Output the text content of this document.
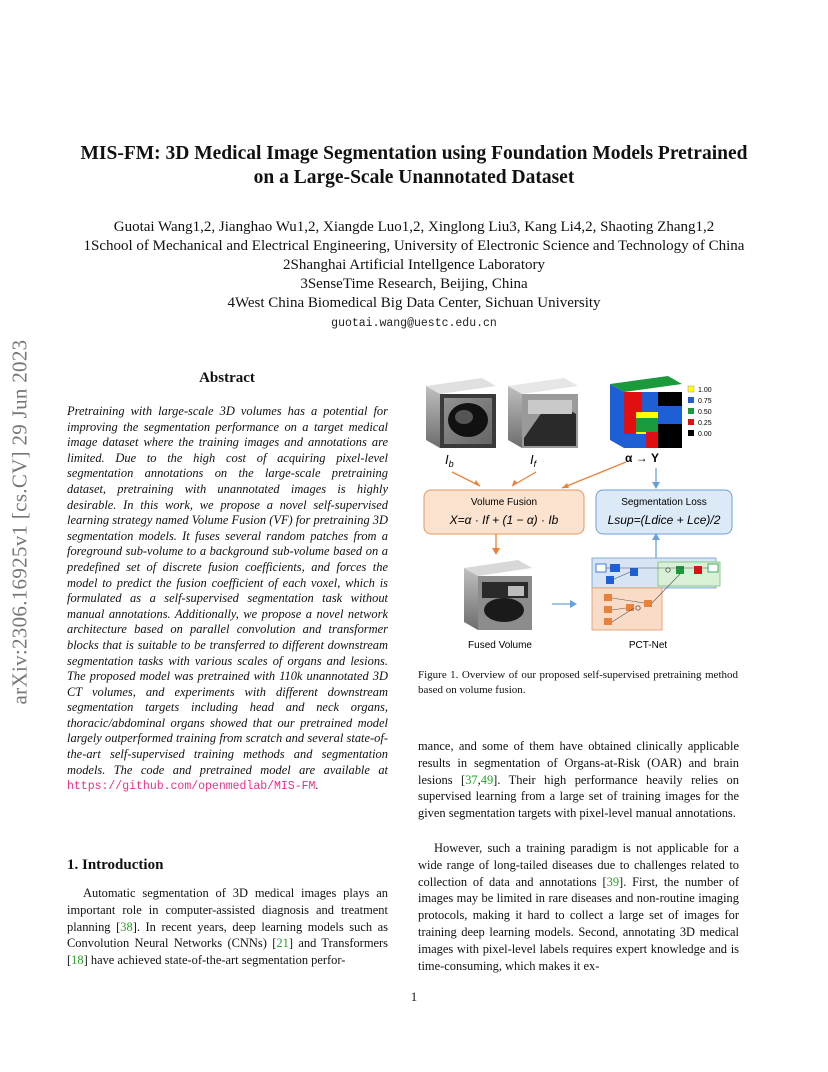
arXiv:2306.16925v1 [cs.CV] 29 Jun 2023
MIS-FM: 3D Medical Image Segmentation using Foundation Models Pretrained
on a Large-Scale Unannotated Dataset
Guotai Wang1,2, Jianghao Wu1,2, Xiangde Luo1,2, Xinglong Liu3, Kang Li4,2, Shaoting Zhang1,2
1School of Mechanical and Electrical Engineering, University of Electronic Science and Technology of China
2Shanghai Artificial Intellgence Laboratory
3SenseTime Research, Beijing, China
4West China Biomedical Big Data Center, Sichuan University
guotai.wang@uestc.edu.cn
Abstract
Pretraining with large-scale 3D volumes has a potential for improving the segmentation performance on a target medical image dataset where the training images and annotations are limited. Due to the high cost of acquiring pixel-level segmentation annotations on the large-scale pretraining dataset, pretraining with unannotated images is highly desirable. In this work, we propose a novel self-supervised learning strategy named Volume Fusion (VF) for pretraining 3D segmentation models. It fuses several random patches from a foreground sub-volume to a background sub-volume based on a predefined set of discrete fusion coefficients, and forces the model to predict the fusion coefficient of each voxel, which is formulated as a self-supervised segmentation task without manual annotations. Additionally, we propose a novel network architecture based on parallel convolution and transformer blocks that is suitable to be transferred to different downstream segmentation tasks with various scales of organs and lesions. The proposed model was pretrained with 110k unannotated 3D CT volumes, and experiments with different downstream segmentation targets including head and neck organs, thoracic/abdominal organs showed that our pretrained model largely outperformed training from scratch and several state-of-the-art self-supervised training methods and segmentation models. The code and pretrained model are available at https://github.com/openmedlab/MIS-FM.
1. Introduction
Automatic segmentation of 3D medical images plays an important role in computer-assisted diagnosis and treatment planning [38]. In recent years, deep learning models such as Convolution Neural Networks (CNNs) [21] and Transformers [18] have achieved state-of-the-art segmentation perfor-
$I_b$	$I_f$	α → Y
1.00
0.75
0.50
0.25
0.00
Volume Fusion
X=α · If + (1 − α) · Ib
Segmentation Loss
Lsup=(Ldice + Lce)/2
Fused Volume	PCT-Net
Figure 1. Overview of our proposed self-supervised pretraining method based on volume fusion.
mance, and some of them have obtained clinically applicable results in segmentation of Organs-at-Risk (OAR) and brain lesions [37,49]. Their high performance heavily relies on supervised learning from a large set of training images for the given segmentation targets with pixel-level manual annotations.
However, such a training paradigm is not applicable for a wide range of long-tailed diseases due to challenges related to collection of data and annotations [39]. First, the number of images may be limited in rare diseases and non-routine imaging protocols, making it hard to collect a large set of images for training deep learning models. Second, annotating 3D medical images with pixel-level labels requires expert knowledge and is time-consuming, which makes it ex-
1
